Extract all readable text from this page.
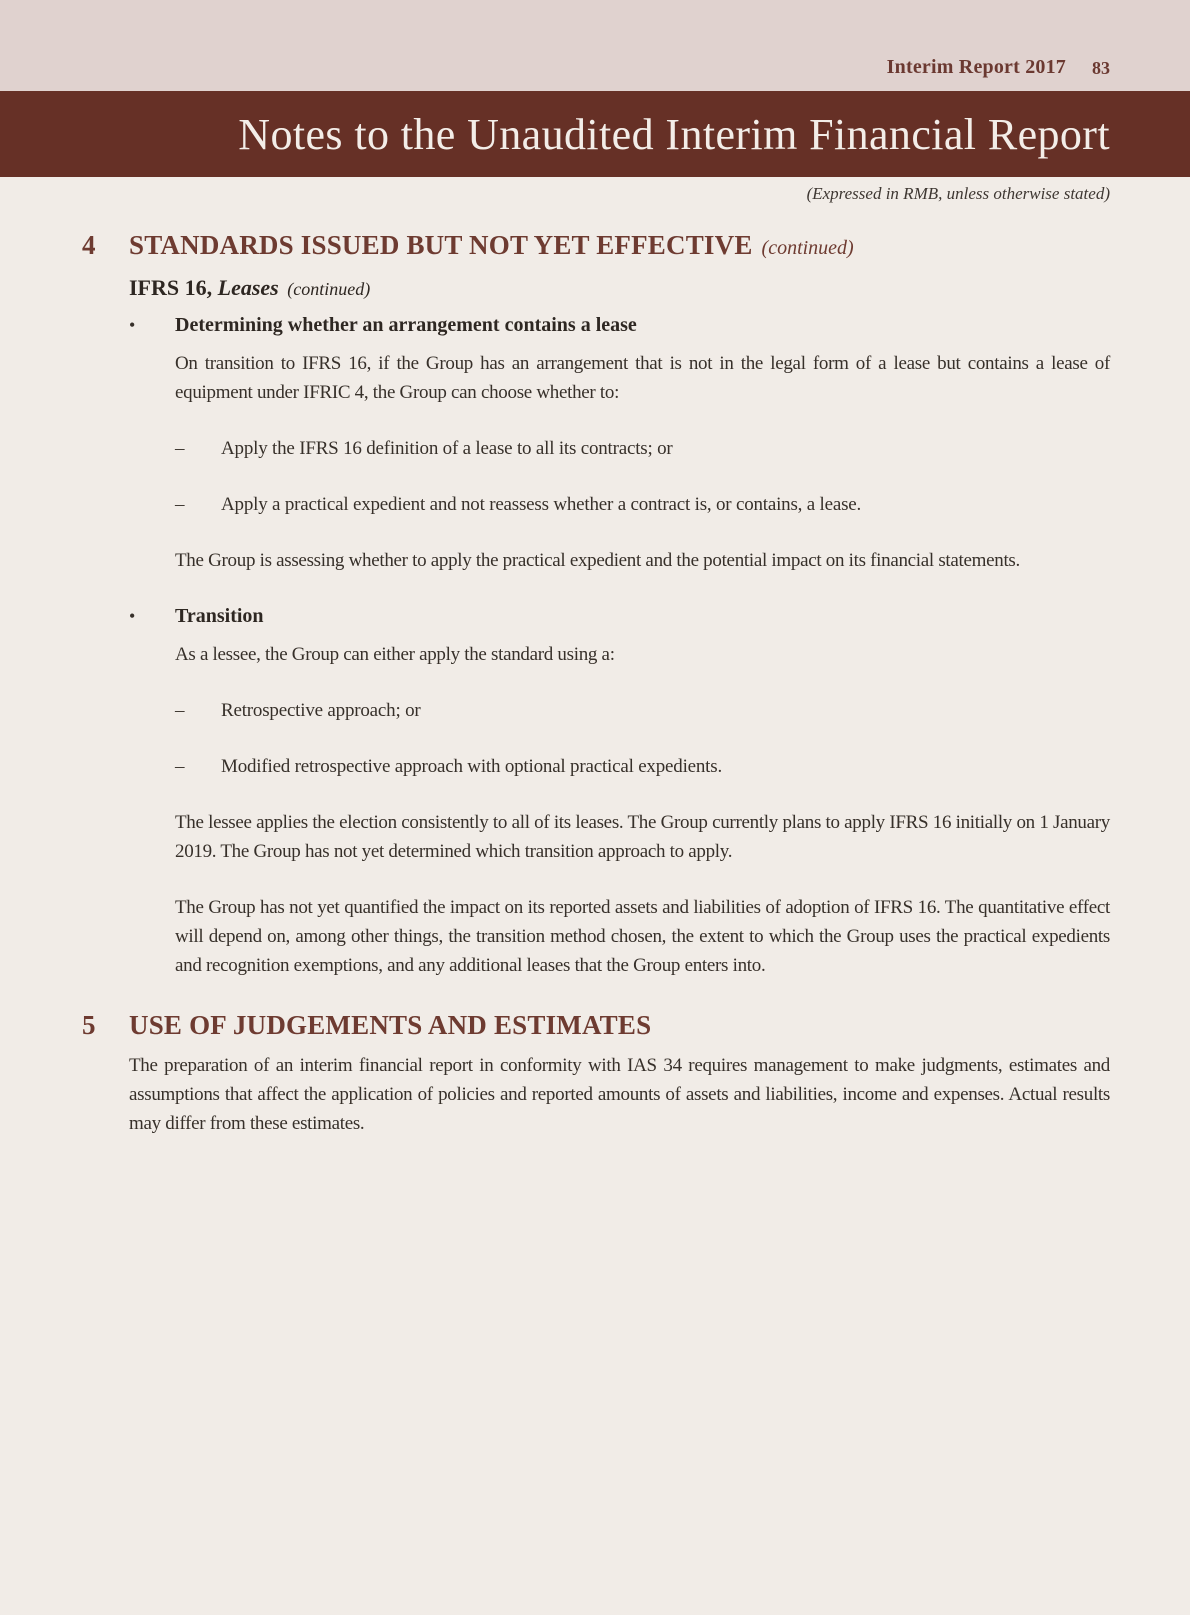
Interim Report 2017 83
Notes to the Unaudited Interim Financial Report
(Expressed in RMB, unless otherwise stated)
4	STANDARDS ISSUED BUT NOT YET EFFECTIVE (continued)
IFRS 16, Leases (continued)
•	Determining whether an arrangement contains a lease

On transition to IFRS 16, if the Group has an arrangement that is not in the legal form of a lease but contains a lease of equipment under IFRIC 4, the Group can choose whether to:

–	Apply the IFRS 16 definition of a lease to all its contracts; or
–	Apply a practical expedient and not reassess whether a contract is, or contains, a lease.

The Group is assessing whether to apply the practical expedient and the potential impact on its financial statements.

•	Transition

As a lessee, the Group can either apply the standard using a:

–	Retrospective approach; or
–	Modified retrospective approach with optional practical expedients.

The lessee applies the election consistently to all of its leases. The Group currently plans to apply IFRS 16 initially on 1 January 2019. The Group has not yet determined which transition approach to apply.

The Group has not yet quantified the impact on its reported assets and liabilities of adoption of IFRS 16. The quantitative effect will depend on, among other things, the transition method chosen, the extent to which the Group uses the practical expedients and recognition exemptions, and any additional leases that the Group enters into.

5	USE OF JUDGEMENTS AND ESTIMATES

The preparation of an interim financial report in conformity with IAS 34 requires management to make judgments, estimates and assumptions that affect the application of policies and reported amounts of assets and liabilities, income and expenses. Actual results may differ from these estimates.
